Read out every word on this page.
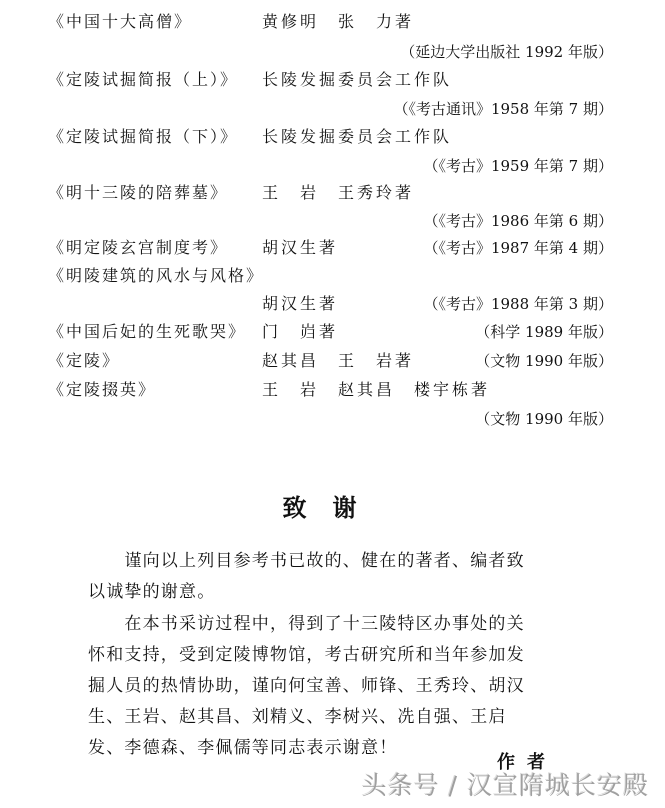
《中国十大高僧》	黄修明　张　力著
（延边大学出版社 1992 年版）
《定陵试掘简报（上）》 长陵发掘委员会工作队
（《考古通讯》1958 年第 7 期）
《定陵试掘简报（下）》 长陵发掘委员会工作队
（《考古》1959 年第 7 期）
《明十三陵的陪葬墓》 王　岩　王秀玲著
（《考古》1986 年第 6 期）
《明定陵玄宫制度考》 胡汉生著	（《考古》1987 年第 4 期）
《明陵建筑的风水与风格》
胡汉生著	（《考古》1988 年第 3 期）
《中国后妃的生死歌哭》 门　岿著	（科学 1989 年版）
《定陵》	赵其昌　王　岩著	（文物 1990 年版）
《定陵掇英》	王　岩　赵其昌　楼宇栋著
（文物 1990 年版）
致谢
　　谨向以上列目参考书已故的、健在的著者、编者致
以诚挚的谢意。
　　在本书采访过程中，得到了十三陵特区办事处的关
怀和支持，受到定陵博物馆，考古研究所和当年参加发
掘人员的热情协助，谨向何宝善、师锋、王秀玲、胡汉
生、王岩、赵其昌、刘精义、李树兴、冼自强、王启
发、李德森、李佩儒等同志表示谢意！
作者
头条号 / 汉宣隋城长安殿
